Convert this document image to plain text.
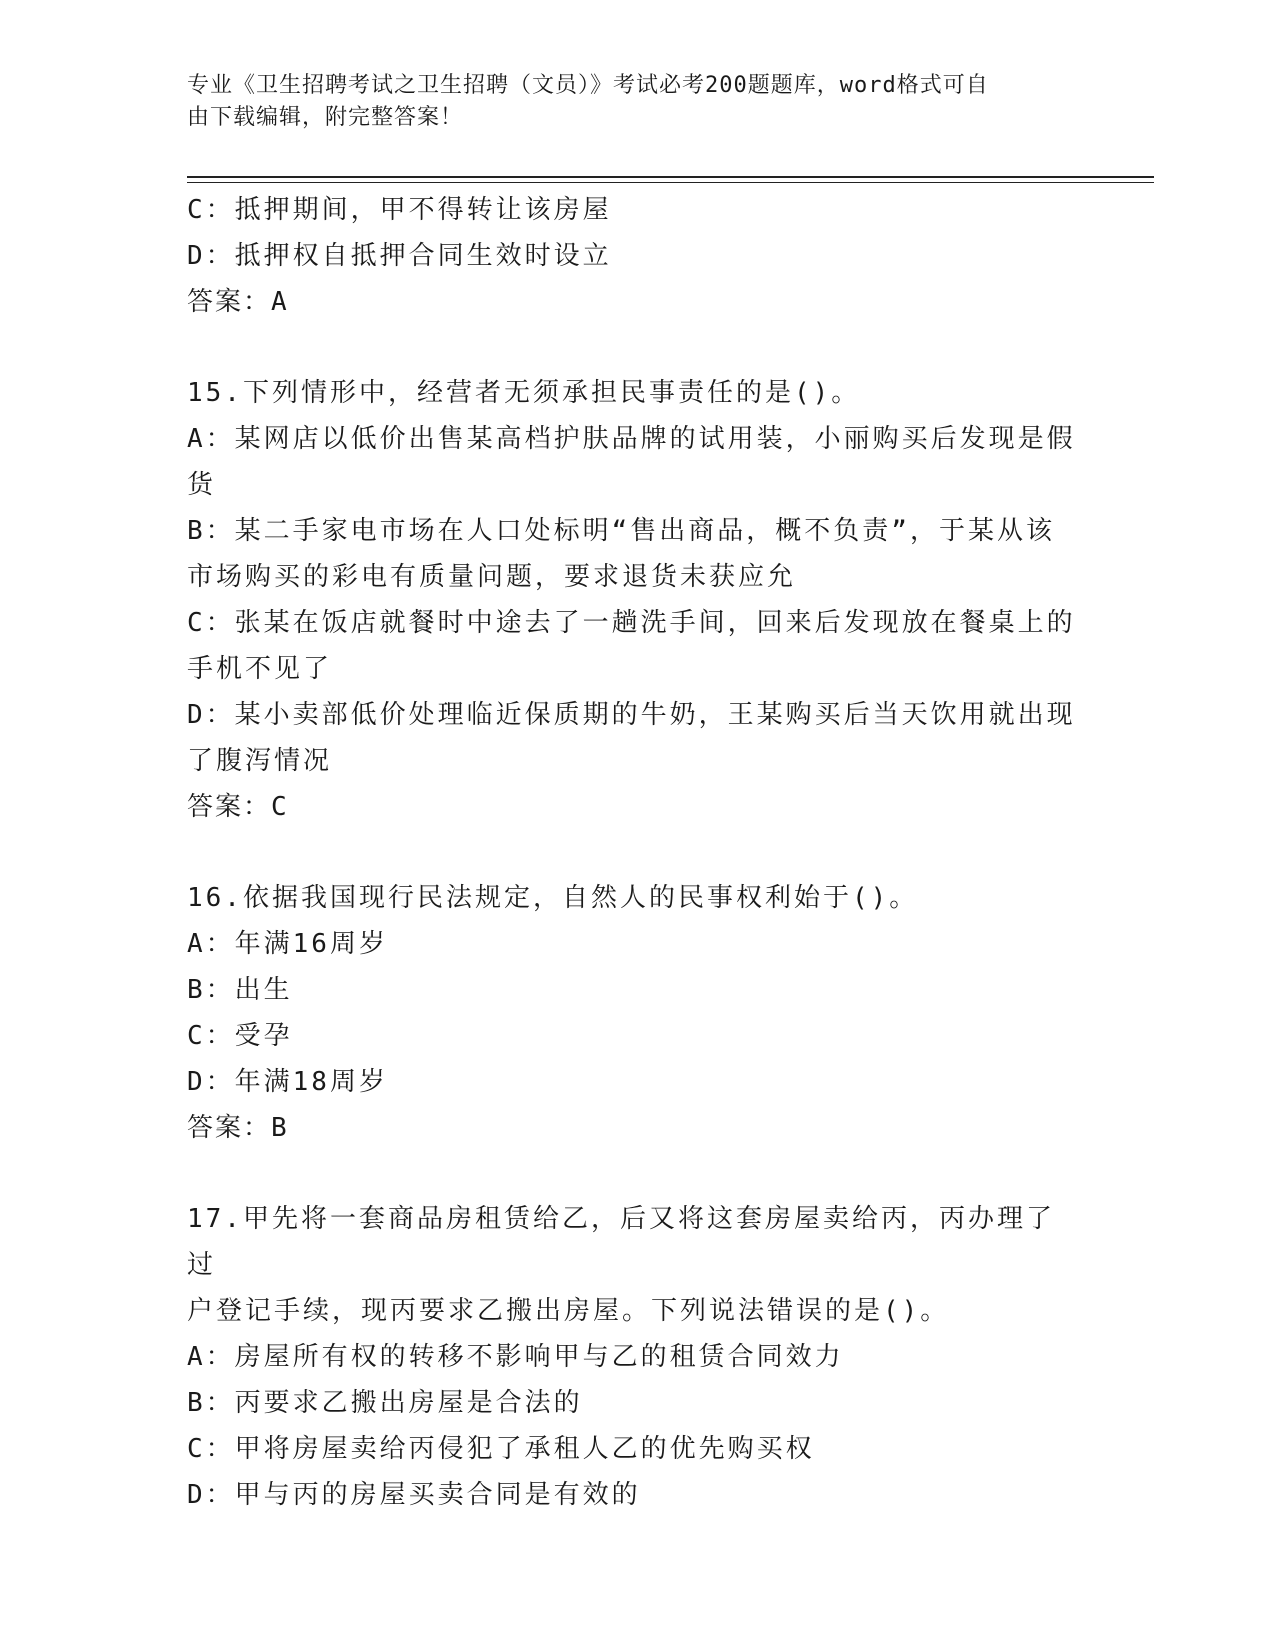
专业《卫生招聘考试之卫生招聘（文员）》考试必考200题题库，word格式可自
由下载编辑，附完整答案！
C：抵押期间，甲不得转让该房屋
D：抵押权自抵押合同生效时设立
答案：A
15.下列情形中，经营者无须承担民事责任的是()。
A：某网店以低价出售某高档护肤品牌的试用装，小丽购买后发现是假
货
B：某二手家电市场在人口处标明“售出商品，概不负责”，于某从该
市场购买的彩电有质量问题，要求退货未获应允
C：张某在饭店就餐时中途去了一趟洗手间，回来后发现放在餐桌上的
手机不见了
D：某小卖部低价处理临近保质期的牛奶，王某购买后当天饮用就出现
了腹泻情况
答案：C
16.依据我国现行民法规定，自然人的民事权利始于()。
A：年满16周岁
B：出生
C：受孕
D：年满18周岁
答案：B
17.甲先将一套商品房租赁给乙，后又将这套房屋卖给丙，丙办理了过
户登记手续，现丙要求乙搬出房屋。下列说法错误的是()。
A：房屋所有权的转移不影响甲与乙的租赁合同效力
B：丙要求乙搬出房屋是合法的
C：甲将房屋卖给丙侵犯了承租人乙的优先购买权
D：甲与丙的房屋买卖合同是有效的
